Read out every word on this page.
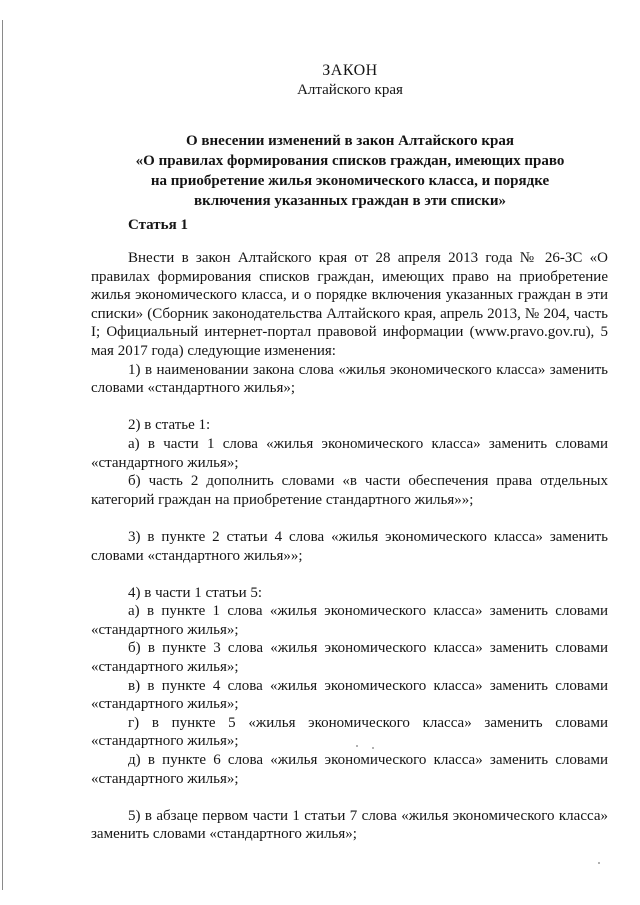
ЗАКОН
Алтайского края
О внесении изменений в закон Алтайского края
«О правилах формирования списков граждан, имеющих право
на приобретение жилья экономического класса, и порядке
включения указанных граждан в эти списки»
Статья 1

Внести в закон Алтайского края от 28 апреля 2013 года № 26-ЗС «О правилах формирования списков граждан, имеющих право на приобретение жилья экономического класса, и о порядке включения указанных граждан в эти списки» (Сборник законодательства Алтайского края, апрель 2013, № 204, часть I; Официальный интернет-портал правовой информации (www.pravo.gov.ru), 5 мая 2017 года) следующие изменения:

1) в наименовании закона слова «жилья экономического класса» заменить словами «стандартного жилья»;

2) в статье 1:

а) в части 1 слова «жилья экономического класса» заменить словами «стандартного жилья»;

б) часть 2 дополнить словами «в части обеспечения права отдельных категорий граждан на приобретение стандартного жилья»»;

3) в пункте 2 статьи 4 слова «жилья экономического класса» заменить словами «стандартного жилья»»;

4) в части 1 статьи 5:

а) в пункте 1 слова «жилья экономического класса» заменить словами «стандартного жилья»;

б) в пункте 3 слова «жилья экономического класса» заменить словами «стандартного жилья»;

в) в пункте 4 слова «жилья экономического класса» заменить словами «стандартного жилья»;

г) в пункте 5 «жилья экономического класса» заменить словами «стандартного жилья»;

д) в пункте 6 слова «жилья экономического класса» заменить словами «стандартного жилья»;

5) в абзаце первом части 1 статьи 7 слова «жилья экономического класса» заменить словами «стандартного жилья»;
